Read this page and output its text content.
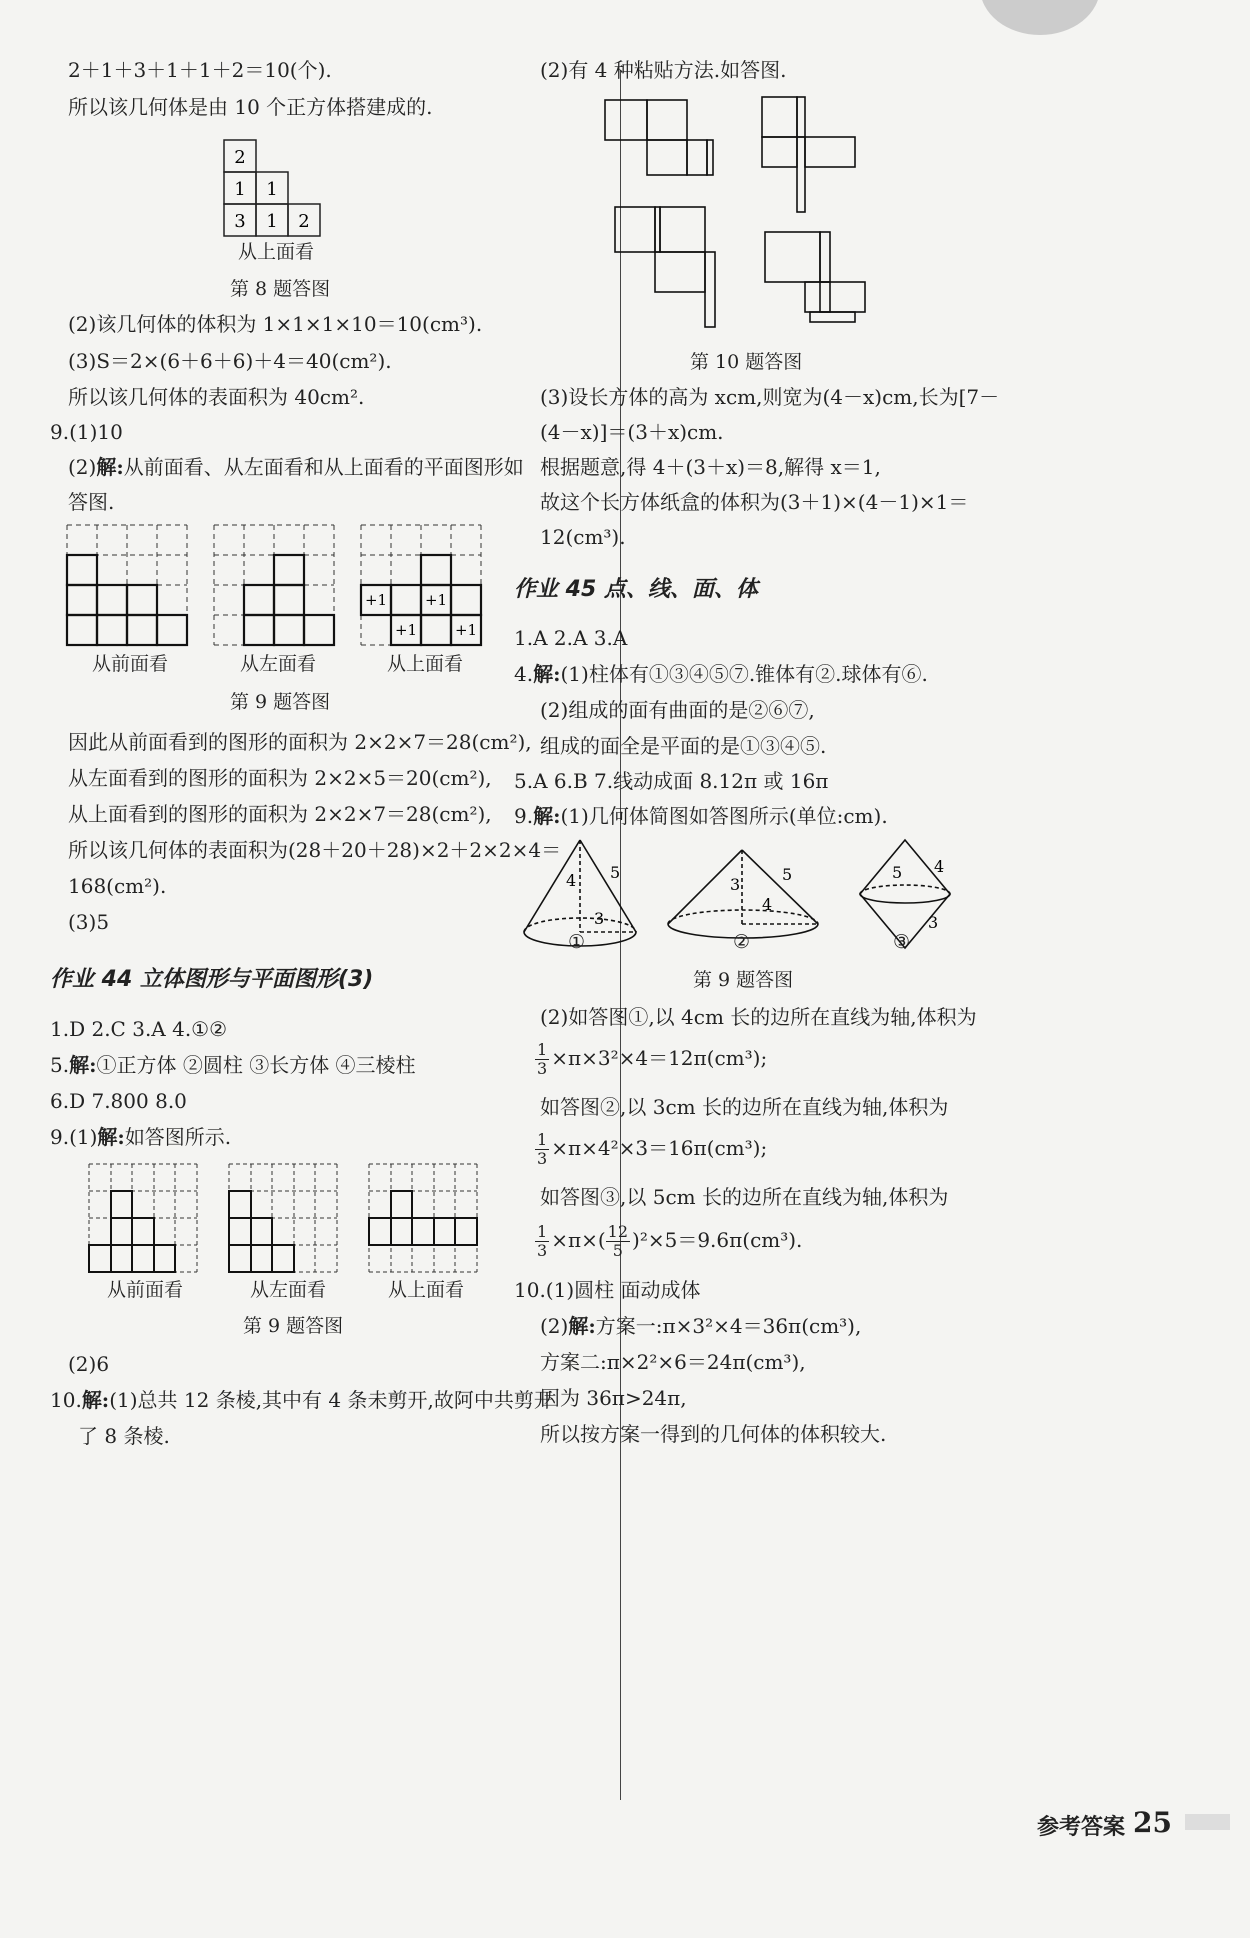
2＋1＋3＋1＋1＋2＝10(个).
所以该几何体是由 10 个正方体搭建成的.
2
1 1
3 1 2
从上面看
第 8 题答图
(2)该几何体的体积为 1×1×1×10＝10(cm³).
(3)S＝2×(6＋6＋6)＋4＝40(cm²).
所以该几何体的表面积为 40cm².
9.(1)10
(2)解:从前面看、从左面看和从上面看的平面图形如
答图.
+1	+1
+1	+1
从前面看	从左面看	从上面看
第 9 题答图
因此从前面看到的图形的面积为 2×2×7＝28(cm²),
从左面看到的图形的面积为 2×2×5＝20(cm²),
从上面看到的图形的面积为 2×2×7＝28(cm²),
所以该几何体的表面积为(28＋20＋28)×2＋2×2×4＝
168(cm²).
(3)5
作业 44 立体图形与平面图形(3)
1.D 2.C 3.A 4.①②
5.解:①正方体 ②圆柱 ③长方体 ④三棱柱
6.D 7.800 8.0
9.(1)解:如答图所示.
从前面看	从左面看	从上面看
第 9 题答图
(2)6
10.解:(1)总共 12 条棱,其中有 4 条未剪开,故阿中共剪开
了 8 条棱.
(2)有 4 种粘贴方法.如答图.
第 10 题答图
(3)设长方体的高为 xcm,则宽为(4－x)cm,长为[7－
(4－x)]＝(3＋x)cm.
根据题意,得 4＋(3＋x)＝8,解得 x＝1,
故这个长方体纸盒的体积为(3＋1)×(4－1)×1＝
12(cm³).
作业 45 点、线、面、体
1.A 2.A 3.A
4.解:(1)柱体有①③④⑤⑦.锥体有②.球体有⑥.
(2)组成的面有曲面的是②⑥⑦,
组成的面全是平面的是①③④⑤.
5.A 6.B 7.线动成面 8.12π 或 16π
9.解:(1)几何体简图如答图所示(单位:cm).
4 5
3
3
5
4
5 4
3
①	②	③
第 9 题答图
(2)如答图①,以 4cm 长的边所在直线为轴,体积为
$\frac{1}{3} \times\pi\times 3^2\times 4=12\pi(cm^3)$;
如答图②,以 3cm 长的边所在直线为轴,体积为
$\frac{1}{3} \times\pi\times 4^2\times 3=16\pi(cm^3)$;
如答图③,以 5cm 长的边所在直线为轴,体积为
$\frac{1}{3} \times\pi\times( \frac{12}{5} )^2\times 5=9.6\pi(cm^3)$.
10.(1)圆柱 面动成体
(2)解:方案一:π×3²×4＝36π(cm³),
方案二:π×2²×6＝24π(cm³),
因为 36π>24π,
所以按方案一得到的几何体的体积较大.
参考答案 25
